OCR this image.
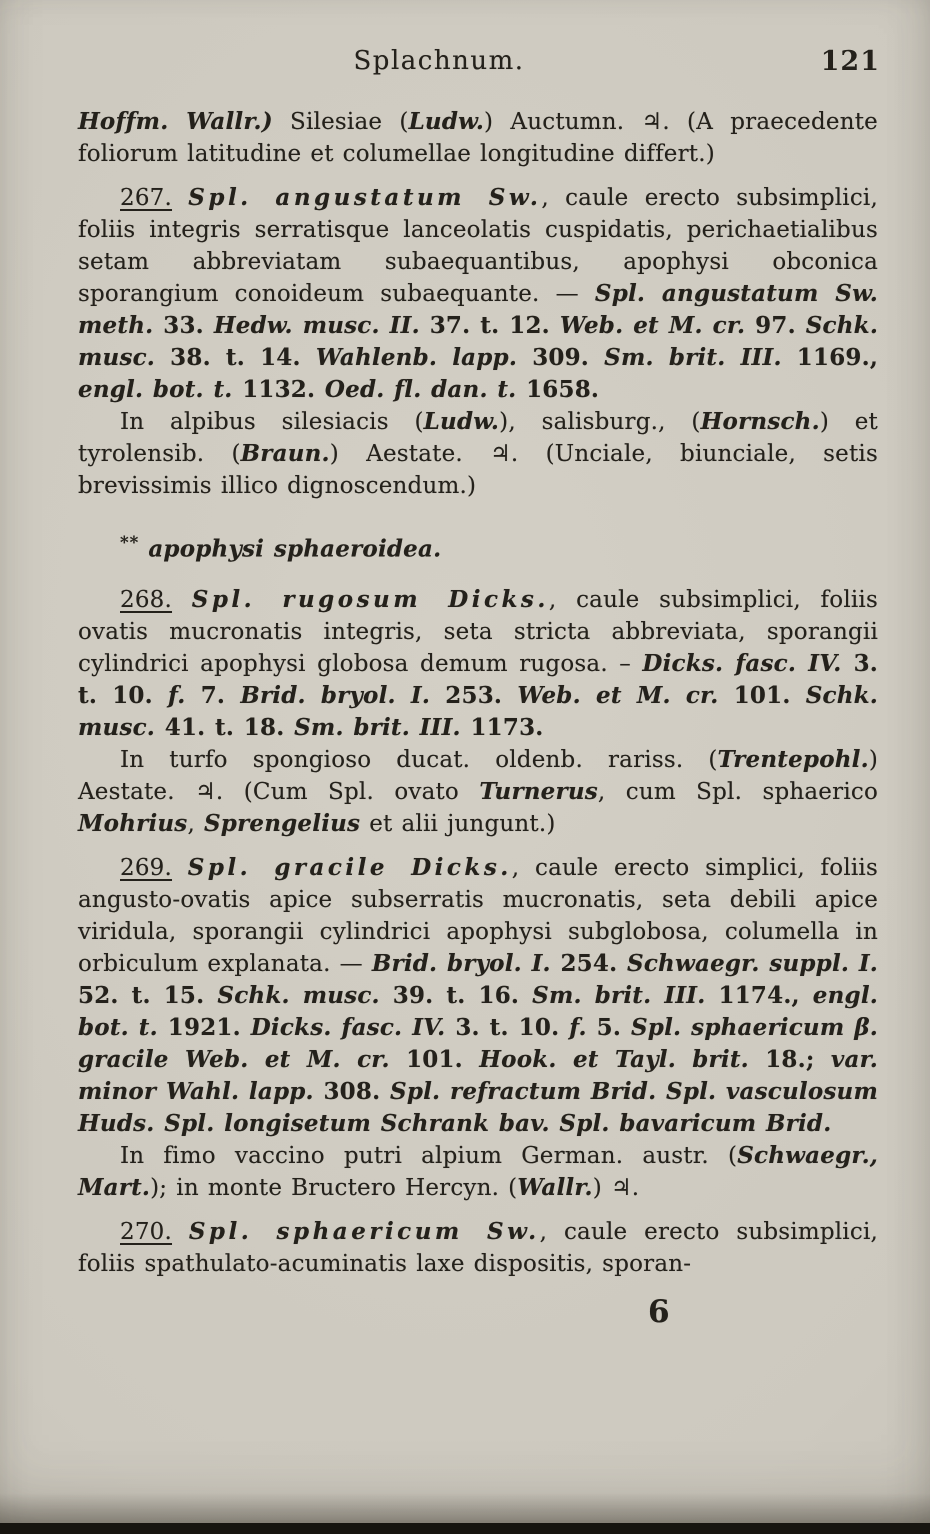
Splachnum.	121

Hoffm. Wallr.) Silesiae (Ludw.) Auctumn. ♃. (A praecedente foliorum latitudine et columellae longitudine differt.)

267. Spl. angustatum Sw., caule erecto subsimplici, foliis integris serratisque lanceolatis cuspidatis, perichaetialibus setam abbreviatam subaequantibus, apophysi obconica sporangium conoideum subaequante. — Spl. angustatum Sw. meth. 33. Hedw. musc. II. 37. t. 12. Web. et M. cr. 97. Schk. musc. 38. t. 14. Wahlenb. lapp. 309. Sm. brit. III. 1169., engl. bot. t. 1132. Oed. fl. dan. t. 1658.

In alpibus silesiacis (Ludw.), salisburg., (Hornsch.) et tyrolensib. (Braun.) Aestate. ♃. (Unciale, biunciale, setis brevissimis illico dignoscendum.)

** apophysi sphaeroidea.

268. Spl. rugosum Dicks., caule subsimplici, foliis ovatis mucronatis integris, seta stricta abbreviata, sporangii cylindrici apophysi globosa demum rugosa. – Dicks. fasc. IV. 3. t. 10. f. 7. Brid. bryol. I. 253. Web. et M. cr. 101. Schk. musc. 41. t. 18. Sm. brit. III. 1173.

In turfo spongioso ducat. oldenb. rariss. (Trentepohl.) Aestate. ♃. (Cum Spl. ovato Turnerus, cum Spl. sphaerico Mohrius, Sprengelius et alii jungunt.)

269. Spl. gracile Dicks., caule erecto simplici, foliis angusto-ovatis apice subserratis mucronatis, seta debili apice viridula, sporangii cylindrici apophysi subglobosa, columella in orbiculum explanata. — Brid. bryol. I. 254. Schwaegr. suppl. I. 52. t. 15. Schk. musc. 39. t. 16. Sm. brit. III. 1174., engl. bot. t. 1921. Dicks. fasc. IV. 3. t. 10. f. 5. Spl. sphaericum β. gracile Web. et M. cr. 101. Hook. et Tayl. brit. 18.; var. minor Wahl. lapp. 308. Spl. refractum Brid. Spl. vasculosum Huds. Spl. longisetum Schrank bav. Spl. bavaricum Brid.

In fimo vaccino putri alpium German. austr. (Schwaegr., Mart.); in monte Bructero Hercyn. (Wallr.) ♃.

270. Spl. sphaericum Sw., caule erecto subsimplici, foliis spathulato-acuminatis laxe dispositis, sporan-

6
